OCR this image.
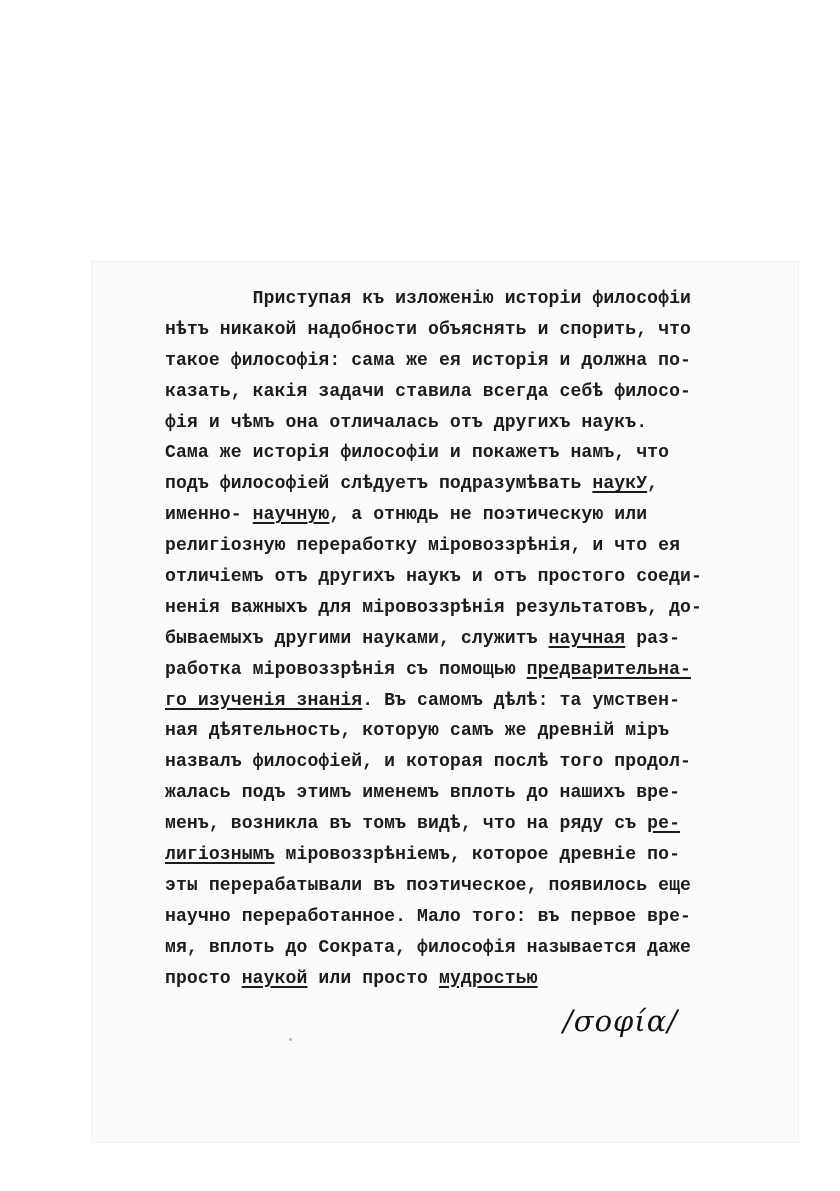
Приступая къ изложенію исторіи философіи
нѣтъ никакой надобности объяснять и спорить, что
такое философія: сама же ея исторія и должна по-
казать, какія задачи ставила всегда себѣ филосо-
фія и чѣмъ она отличалась отъ другихъ наукъ.
Сама же исторія философіи и покажетъ намъ, что
подъ философіей слѣдуетъ подразумѣвать наукУ,
именно- научную, а отнюдь не поэтическую или
религіозную переработку міровоззрѣнія, и что ея
отличіемъ отъ другихъ наукъ и отъ простого соеди-
ненія важныхъ для міровоззрѣнія результатовъ, до-
бываемыхъ другими науками, служитъ научная раз-
работка міровоззрѣнія съ помощью предварительна-
го изученія знанія. Въ самомъ дѣлѣ: та умствен-
ная дѣятельность, которую самъ же древній міръ
назвалъ философіей, и которая послѣ того продол-
жалась подъ этимъ именемъ вплоть до нашихъ вре-
менъ, возникла въ томъ видѣ, что на ряду съ ре-
лигіознымъ міровоззрѣніемъ, которое древніе по-
эты перерабатывали въ поэтическое, появилось еще
научно переработанное. Мало того: въ первое вре-
мя, вплоть до Сократа, философія называется даже
просто наукой или просто мудростью
/σοφία/
